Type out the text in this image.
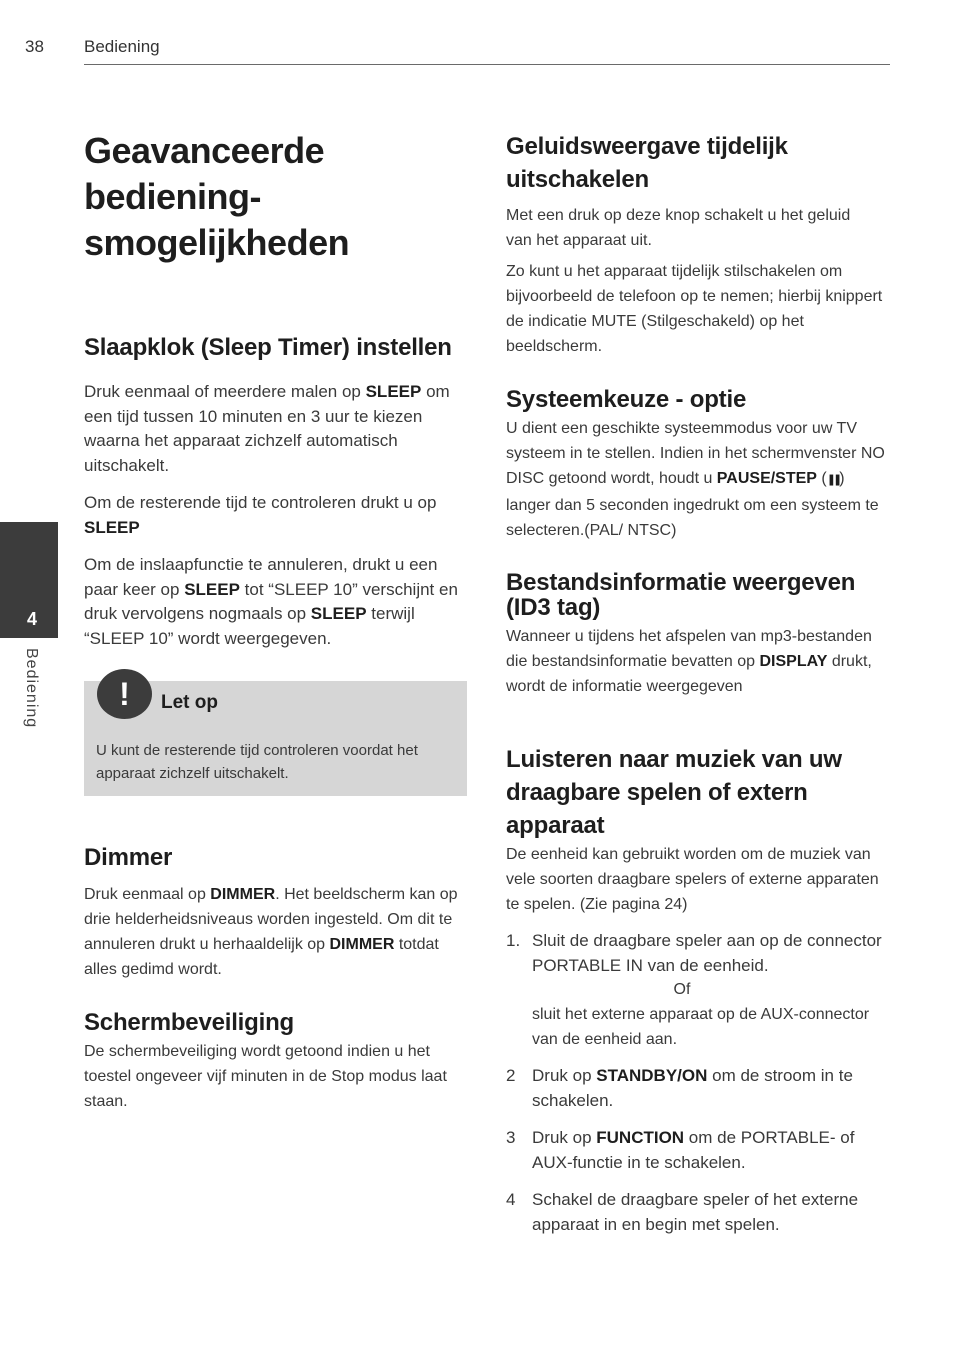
38 Bediening
4
Bediening
Geavanceerde
bediening-
smogelijkheden
Slaapklok (Sleep Timer) instellen
Druk eenmaal of meerdere malen op SLEEP om een tijd tussen 10 minuten en 3 uur te kiezen waarna het apparaat zichzelf automatisch uitschakelt.
Om de resterende tijd te controleren drukt u op SLEEP
Om de inslaapfunctie te annuleren, drukt u een paar keer op SLEEP tot “SLEEP 10” verschijnt en druk vervolgens nogmaals op SLEEP terwijl “SLEEP 10” wordt weergegeven.
!	Let op
U kunt de resterende tijd controleren voordat het apparaat zichzelf uitschakelt.
Dimmer
Druk eenmaal op DIMMER. Het beeldscherm kan op drie helderheidsniveaus worden ingesteld. Om dit te annuleren drukt u herhaaldelijk op DIMMER totdat alles gedimd wordt.
Schermbeveiliging
De schermbeveiliging wordt getoond indien u het toestel ongeveer vijf minuten in de Stop modus laat staan.
Geluidsweergave tijdelijk uitschakelen
Met een druk op deze knop schakelt u het geluid van het apparaat uit.
Zo kunt u het apparaat tijdelijk stilschakelen om bijvoorbeeld de telefoon op te nemen; hierbij knippert de indicatie MUTE (Stilgeschakeld) op het beeldscherm.
Systeemkeuze - optie
U dient een geschikte systeemmodus voor uw TV systeem in te stellen. Indien in het schermvenster NO DISC getoond wordt, houdt u PAUSE/STEP (❚❚) langer dan 5 seconden ingedrukt om een systeem te selecteren.(PAL/ NTSC)
Bestandsinformatie weergeven (ID3 tag)
Wanneer u tijdens het afspelen van mp3-bestanden die bestandsinformatie bevatten op DISPLAY drukt, wordt de informatie weergegeven
Luisteren naar muziek van uw draagbare spelen of extern apparaat
De eenheid kan gebruikt worden om de muziek van vele soorten draagbare spelers of externe apparaten te spelen. (Zie pagina 24)
1. Sluit de draagbare speler aan op de connector PORTABLE IN van de eenheid.
Of
sluit het externe apparaat op de AUX-connector van de eenheid aan.
2 Druk op STANDBY/ON om de stroom in te schakelen.
3 Druk op FUNCTION om de PORTABLE- of AUX-functie in te schakelen.
4 Schakel de draagbare speler of het externe apparaat in en begin met spelen.
